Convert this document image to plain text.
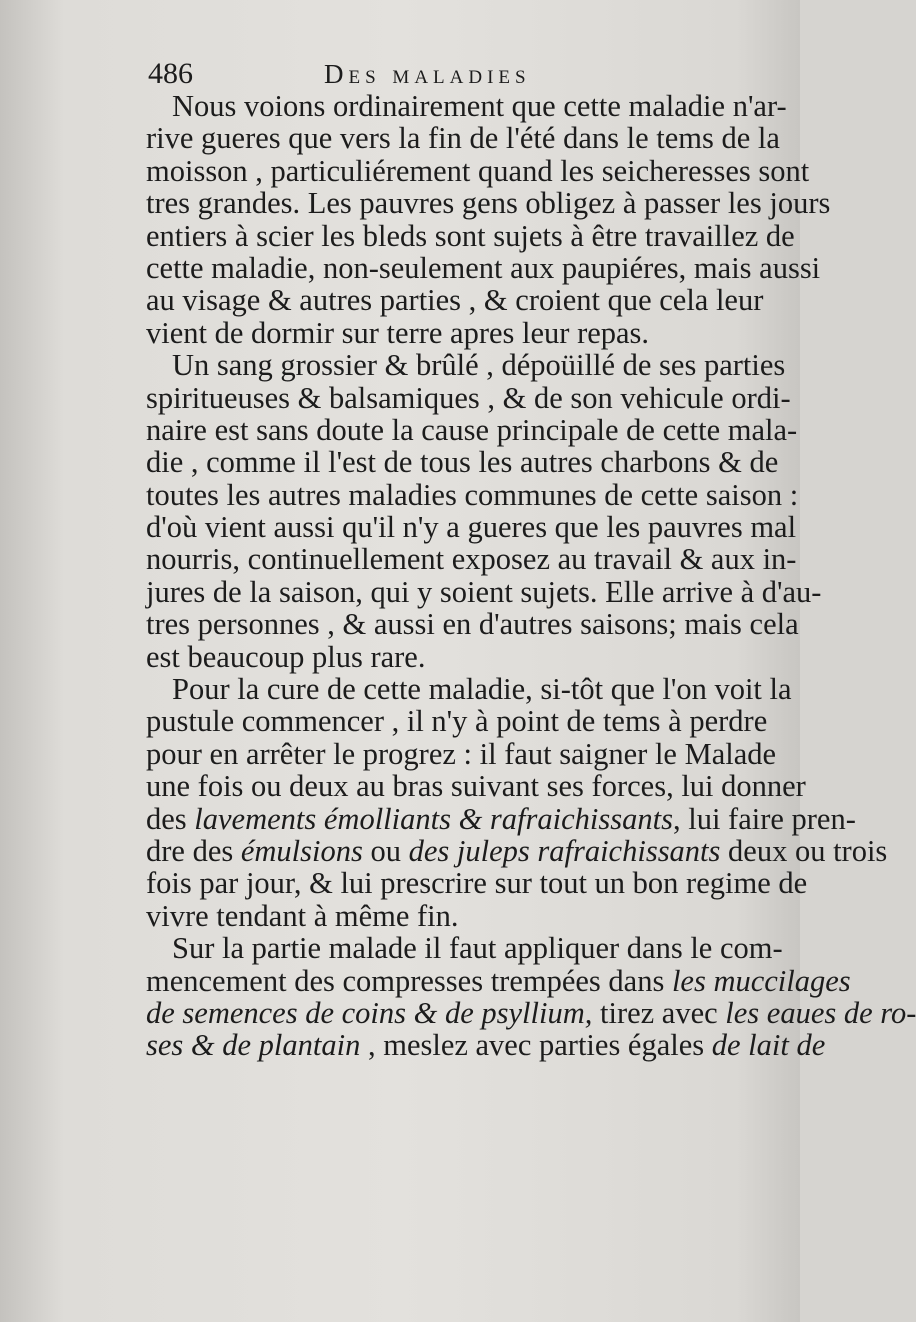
486	Des maladies
Nous voions ordinairement que cette maladie n'ar-
rive gueres que vers la fin de l'été dans le tems de la
moisson , particuliérement quand les seicheresses sont
tres grandes. Les pauvres gens obligez à passer les jours
entiers à scier les bleds sont sujets à être travaillez de
cette maladie, non-seulement aux paupiéres, mais aussi
au visage & autres parties , & croient que cela leur
vient de dormir sur terre apres leur repas.
Un sang grossier & brûlé , dépoüillé de ses parties
spiritueuses & balsamiques , & de son vehicule ordi-
naire est sans doute la cause principale de cette mala-
die , comme il l'est de tous les autres charbons & de
toutes les autres maladies communes de cette saison :
d'où vient aussi qu'il n'y a gueres que les pauvres mal
nourris, continuellement exposez au travail & aux in-
jures de la saison, qui y soient sujets. Elle arrive à d'au-
tres personnes , & aussi en d'autres saisons; mais cela
est beaucoup plus rare.
Pour la cure de cette maladie, si-tôt que l'on voit la
pustule commencer , il n'y à point de tems à perdre
pour en arrêter le progrez : il faut saigner le Malade
une fois ou deux au bras suivant ses forces, lui donner
des lavements émolliants & rafraichissants, lui faire pren-
dre des émulsions ou des juleps rafraichissants deux ou trois
fois par jour, & lui prescrire sur tout un bon regime de
vivre tendant à même fin.
Sur la partie malade il faut appliquer dans le com-
mencement des compresses trempées dans les muccilages
de semences de coins & de psyllium, tirez avec les eaues de ro-
ses & de plantain , meslez avec parties égales de lait de
